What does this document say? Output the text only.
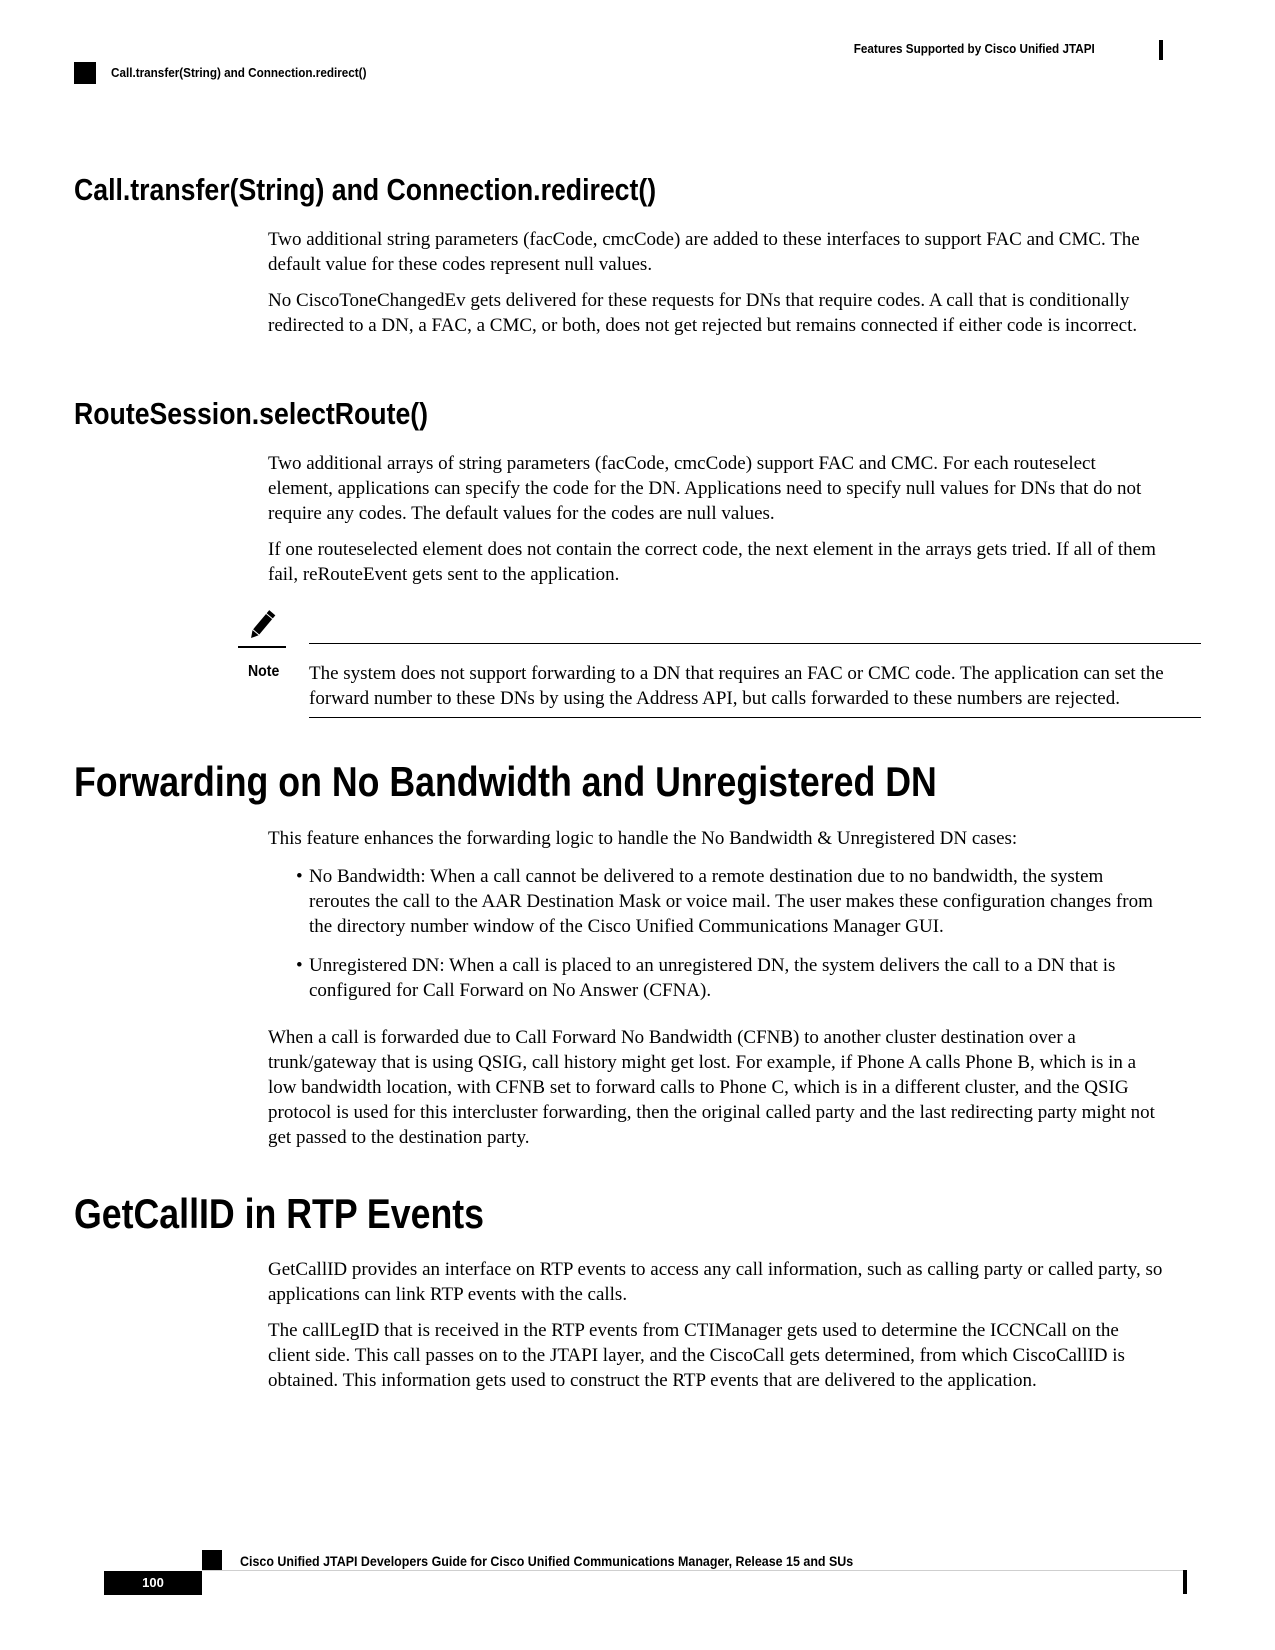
Features Supported by Cisco Unified JTAPI
Call.transfer(String) and Connection.redirect()
Call.transfer(String) and Connection.redirect()

Two additional string parameters (facCode, cmcCode) are added to these interfaces to support FAC and CMC. The default value for these codes represent null values.

No CiscoToneChangedEv gets delivered for these requests for DNs that require codes. A call that is conditionally redirected to a DN, a FAC, a CMC, or both, does not get rejected but remains connected if either code is incorrect.

RouteSession.selectRoute()

Two additional arrays of string parameters (facCode, cmcCode) support FAC and CMC. For each routeselect element, applications can specify the code for the DN. Applications need to specify null values for DNs that do not require any codes. The default values for the codes are null values.

If one routeselected element does not contain the correct code, the next element in the arrays gets tried. If all of them fail, reRouteEvent gets sent to the application.

Note The system does not support forwarding to a DN that requires an FAC or CMC code. The application can set the forward number to these DNs by using the Address API, but calls forwarded to these numbers are rejected.

Forwarding on No Bandwidth and Unregistered DN

This feature enhances the forwarding logic to handle the No Bandwidth & Unregistered DN cases:

• No Bandwidth: When a call cannot be delivered to a remote destination due to no bandwidth, the system reroutes the call to the AAR Destination Mask or voice mail. The user makes these configuration changes from the directory number window of the Cisco Unified Communications Manager GUI.
• Unregistered DN: When a call is placed to an unregistered DN, the system delivers the call to a DN that is configured for Call Forward on No Answer (CFNA).

When a call is forwarded due to Call Forward No Bandwidth (CFNB) to another cluster destination over a trunk/gateway that is using QSIG, call history might get lost. For example, if Phone A calls Phone B, which is in a low bandwidth location, with CFNB set to forward calls to Phone C, which is in a different cluster, and the QSIG protocol is used for this intercluster forwarding, then the original called party and the last redirecting party might not get passed to the destination party.

GetCallID in RTP Events

GetCallID provides an interface on RTP events to access any call information, such as calling party or called party, so applications can link RTP events with the calls.

The callLegID that is received in the RTP events from CTIManager gets used to determine the ICCNCall on the client side. This call passes on to the JTAPI layer, and the CiscoCall gets determined, from which CiscoCallID is obtained. This information gets used to construct the RTP events that are delivered to the application.

Cisco Unified JTAPI Developers Guide for Cisco Unified Communications Manager, Release 15 and SUs
100
